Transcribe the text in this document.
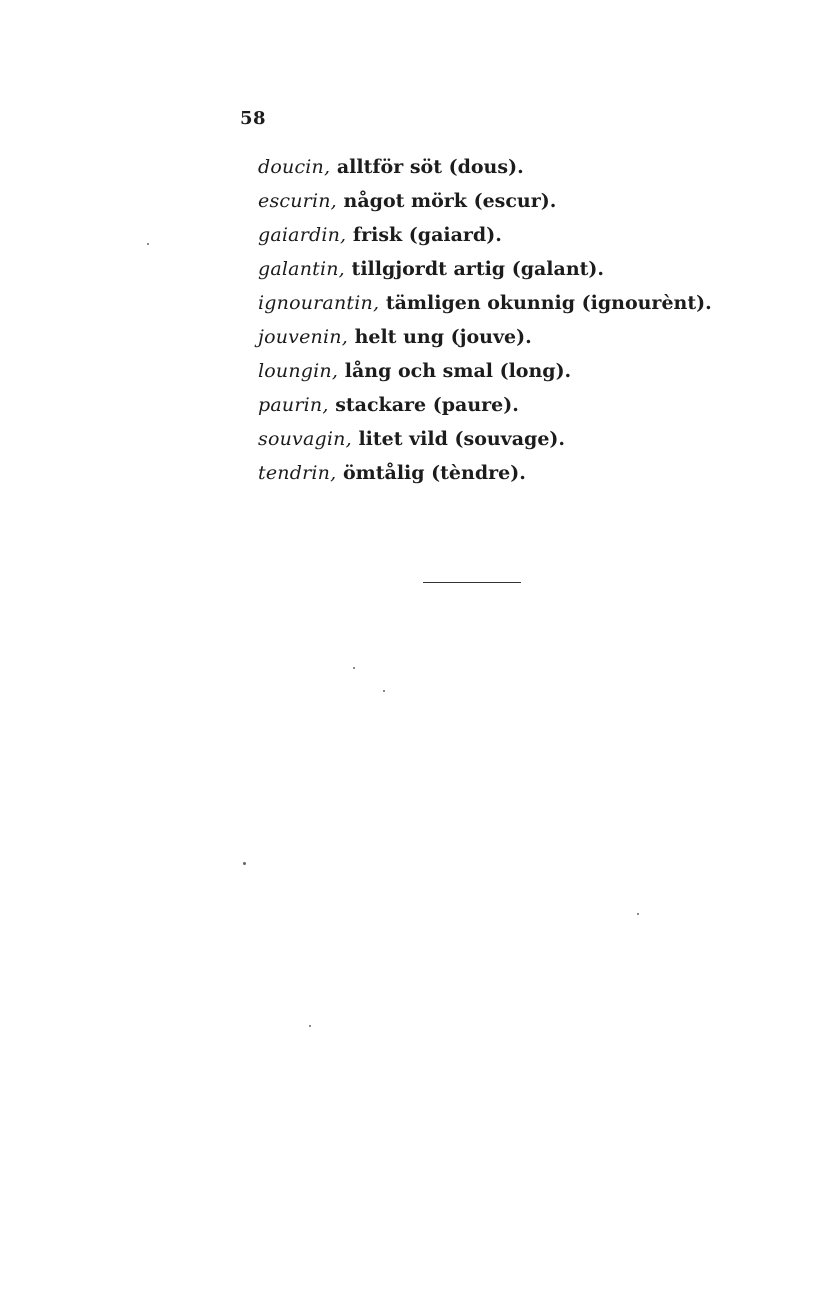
58
doucin, alltför söt (dous).
escurin, något mörk (escur).
gaiardin, frisk (gaiard).
galantin, tillgjordt artig (galant).
ignourantin, tämligen okunnig (ignourènt).
jouvenin, helt ung (jouve).
loungin, lång och smal (long).
paurin, stackare (paure).
souvagin, litet vild (souvage).
tendrin, ömtålig (tèndre).
